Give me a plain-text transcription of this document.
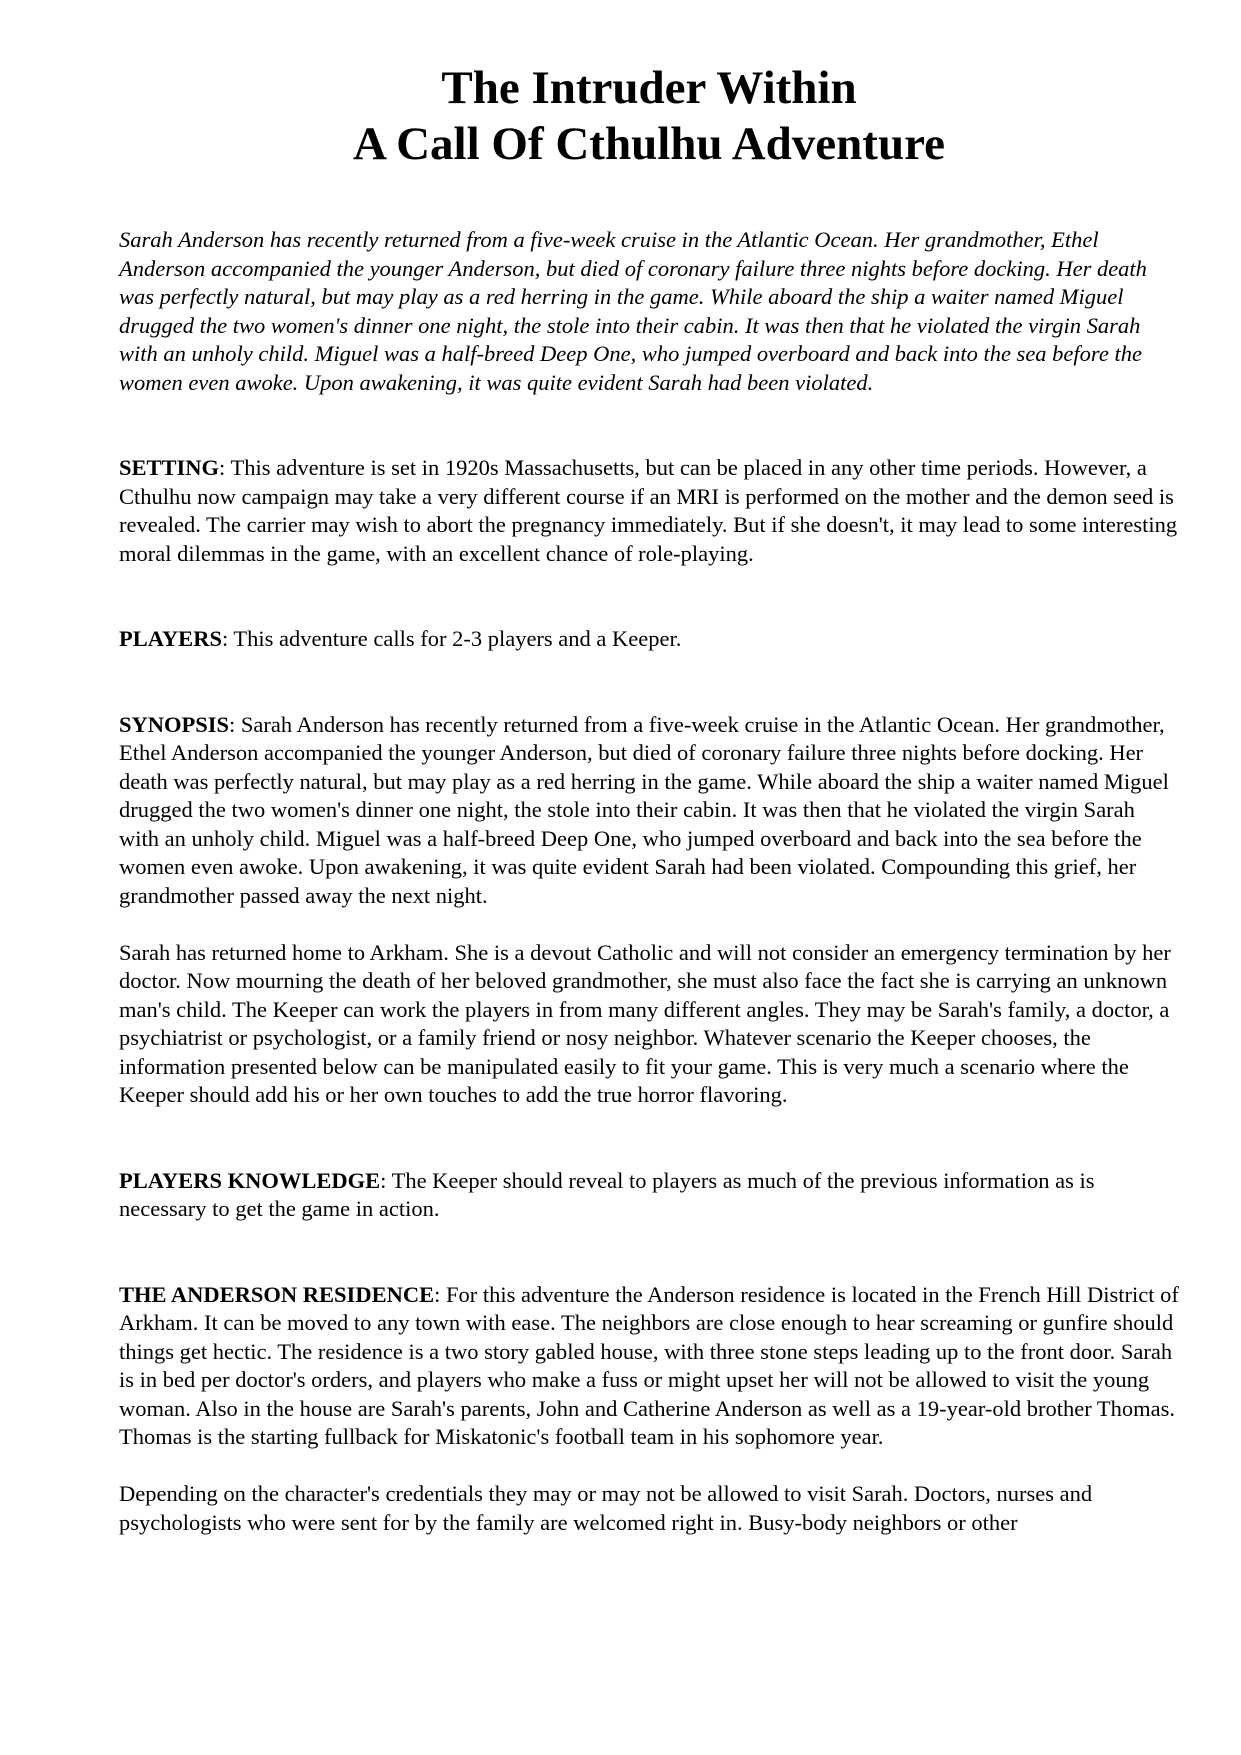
The Intruder Within
A Call Of Cthulhu Adventure

Sarah Anderson has recently returned from a five-week cruise in the Atlantic Ocean. Her grandmother, Ethel Anderson accompanied the younger Anderson, but died of coronary failure three nights before docking. Her death was perfectly natural, but may play as a red herring in the game. While aboard the ship a waiter named Miguel drugged the two women's dinner one night, the stole into their cabin. It was then that he violated the virgin Sarah with an unholy child. Miguel was a half-breed Deep One, who jumped overboard and back into the sea before the women even awoke. Upon awakening, it was quite evident Sarah had been violated.

SETTING: This adventure is set in 1920s Massachusetts, but can be placed in any other time periods. However, a Cthulhu now campaign may take a very different course if an MRI is performed on the mother and the demon seed is revealed. The carrier may wish to abort the pregnancy immediately. But if she doesn't, it may lead to some interesting moral dilemmas in the game, with an excellent chance of role-playing.

PLAYERS: This adventure calls for 2-3 players and a Keeper.

SYNOPSIS: Sarah Anderson has recently returned from a five-week cruise in the Atlantic Ocean. Her grandmother, Ethel Anderson accompanied the younger Anderson, but died of coronary failure three nights before docking. Her death was perfectly natural, but may play as a red herring in the game. While aboard the ship a waiter named Miguel drugged the two women's dinner one night, the stole into their cabin. It was then that he violated the virgin Sarah with an unholy child. Miguel was a half-breed Deep One, who jumped overboard and back into the sea before the women even awoke. Upon awakening, it was quite evident Sarah had been violated. Compounding this grief, her grandmother passed away the next night.

Sarah has returned home to Arkham. She is a devout Catholic and will not consider an emergency termination by her doctor. Now mourning the death of her beloved grandmother, she must also face the fact she is carrying an unknown man's child. The Keeper can work the players in from many different angles. They may be Sarah's family, a doctor, a psychiatrist or psychologist, or a family friend or nosy neighbor. Whatever scenario the Keeper chooses, the information presented below can be manipulated easily to fit your game. This is very much a scenario where the Keeper should add his or her own touches to add the true horror flavoring.

PLAYERS KNOWLEDGE: The Keeper should reveal to players as much of the previous information as is necessary to get the game in action.

THE ANDERSON RESIDENCE: For this adventure the Anderson residence is located in the French Hill District of Arkham. It can be moved to any town with ease. The neighbors are close enough to hear screaming or gunfire should things get hectic. The residence is a two story gabled house, with three stone steps leading up to the front door. Sarah is in bed per doctor's orders, and players who make a fuss or might upset her will not be allowed to visit the young woman. Also in the house are Sarah's parents, John and Catherine Anderson as well as a 19-year-old brother Thomas. Thomas is the starting fullback for Miskatonic's football team in his sophomore year.

Depending on the character's credentials they may or may not be allowed to visit Sarah. Doctors, nurses and psychologists who were sent for by the family are welcomed right in. Busy-body neighbors or other
